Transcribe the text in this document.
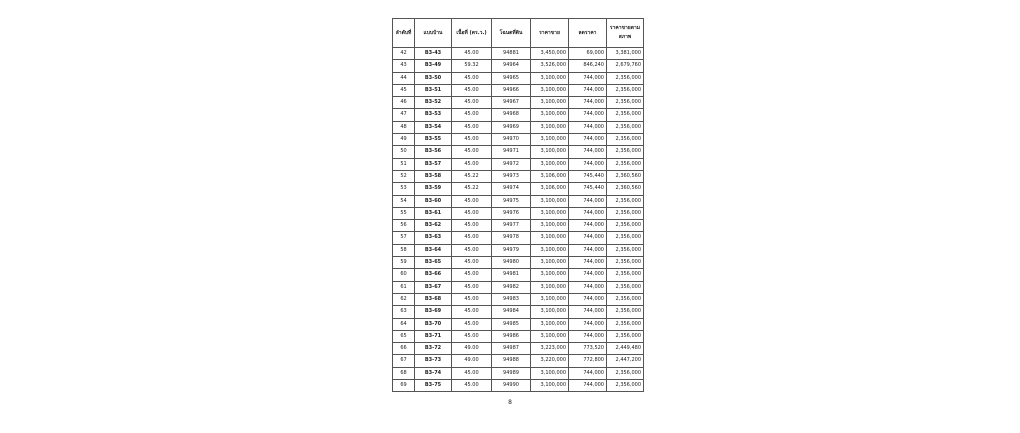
ลำดับที่	แบบบ้าน	เนื้อที่ (ตร.ว.)	โฉนดที่ดิน	ราคาขาย	ลดราคา	ราคาขายตามสภาพ
42	B3-43	45.00	94881	3,450,000	69,000	3,381,000
43	B3-49	59.32	94964	3,526,000	846,240	2,679,760
44	B3-50	45.00	94965	3,100,000	744,000	2,356,000
45	B3-51	45.00	94966	3,100,000	744,000	2,356,000
46	B3-52	45.00	94967	3,100,000	744,000	2,356,000
47	B3-53	45.00	94968	3,100,000	744,000	2,356,000
48	B3-54	45.00	94969	3,100,000	744,000	2,356,000
49	B3-55	45.00	94970	3,100,000	744,000	2,356,000
50	B3-56	45.00	94971	3,100,000	744,000	2,356,000
51	B3-57	45.00	94972	3,100,000	744,000	2,356,000
52	B3-58	45.22	94973	3,106,000	745,440	2,360,560
53	B3-59	45.22	94974	3,106,000	745,440	2,360,560
54	B3-60	45.00	94975	3,100,000	744,000	2,356,000
55	B3-61	45.00	94976	3,100,000	744,000	2,356,000
56	B3-62	45.00	94977	3,100,000	744,000	2,356,000
57	B3-63	45.00	94978	3,100,000	744,000	2,356,000
58	B3-64	45.00	94979	3,100,000	744,000	2,356,000
59	B3-65	45.00	94980	3,100,000	744,000	2,356,000
60	B3-66	45.00	94981	3,100,000	744,000	2,356,000
61	B3-67	45.00	94982	3,100,000	744,000	2,356,000
62	B3-68	45.00	94983	3,100,000	744,000	2,356,000
63	B3-69	45.00	94984	3,100,000	744,000	2,356,000
64	B3-70	45.00	94985	3,100,000	744,000	2,356,000
65	B3-71	45.00	94986	3,100,000	744,000	2,356,000
66	B3-72	49.00	94987	3,223,000	773,520	2,449,480
67	B3-73	49.00	94988	3,220,000	772,800	2,447,200
68	B3-74	45.00	94989	3,100,000	744,000	2,356,000
69	B3-75	45.00	94990	3,100,000	744,000	2,356,000
8
